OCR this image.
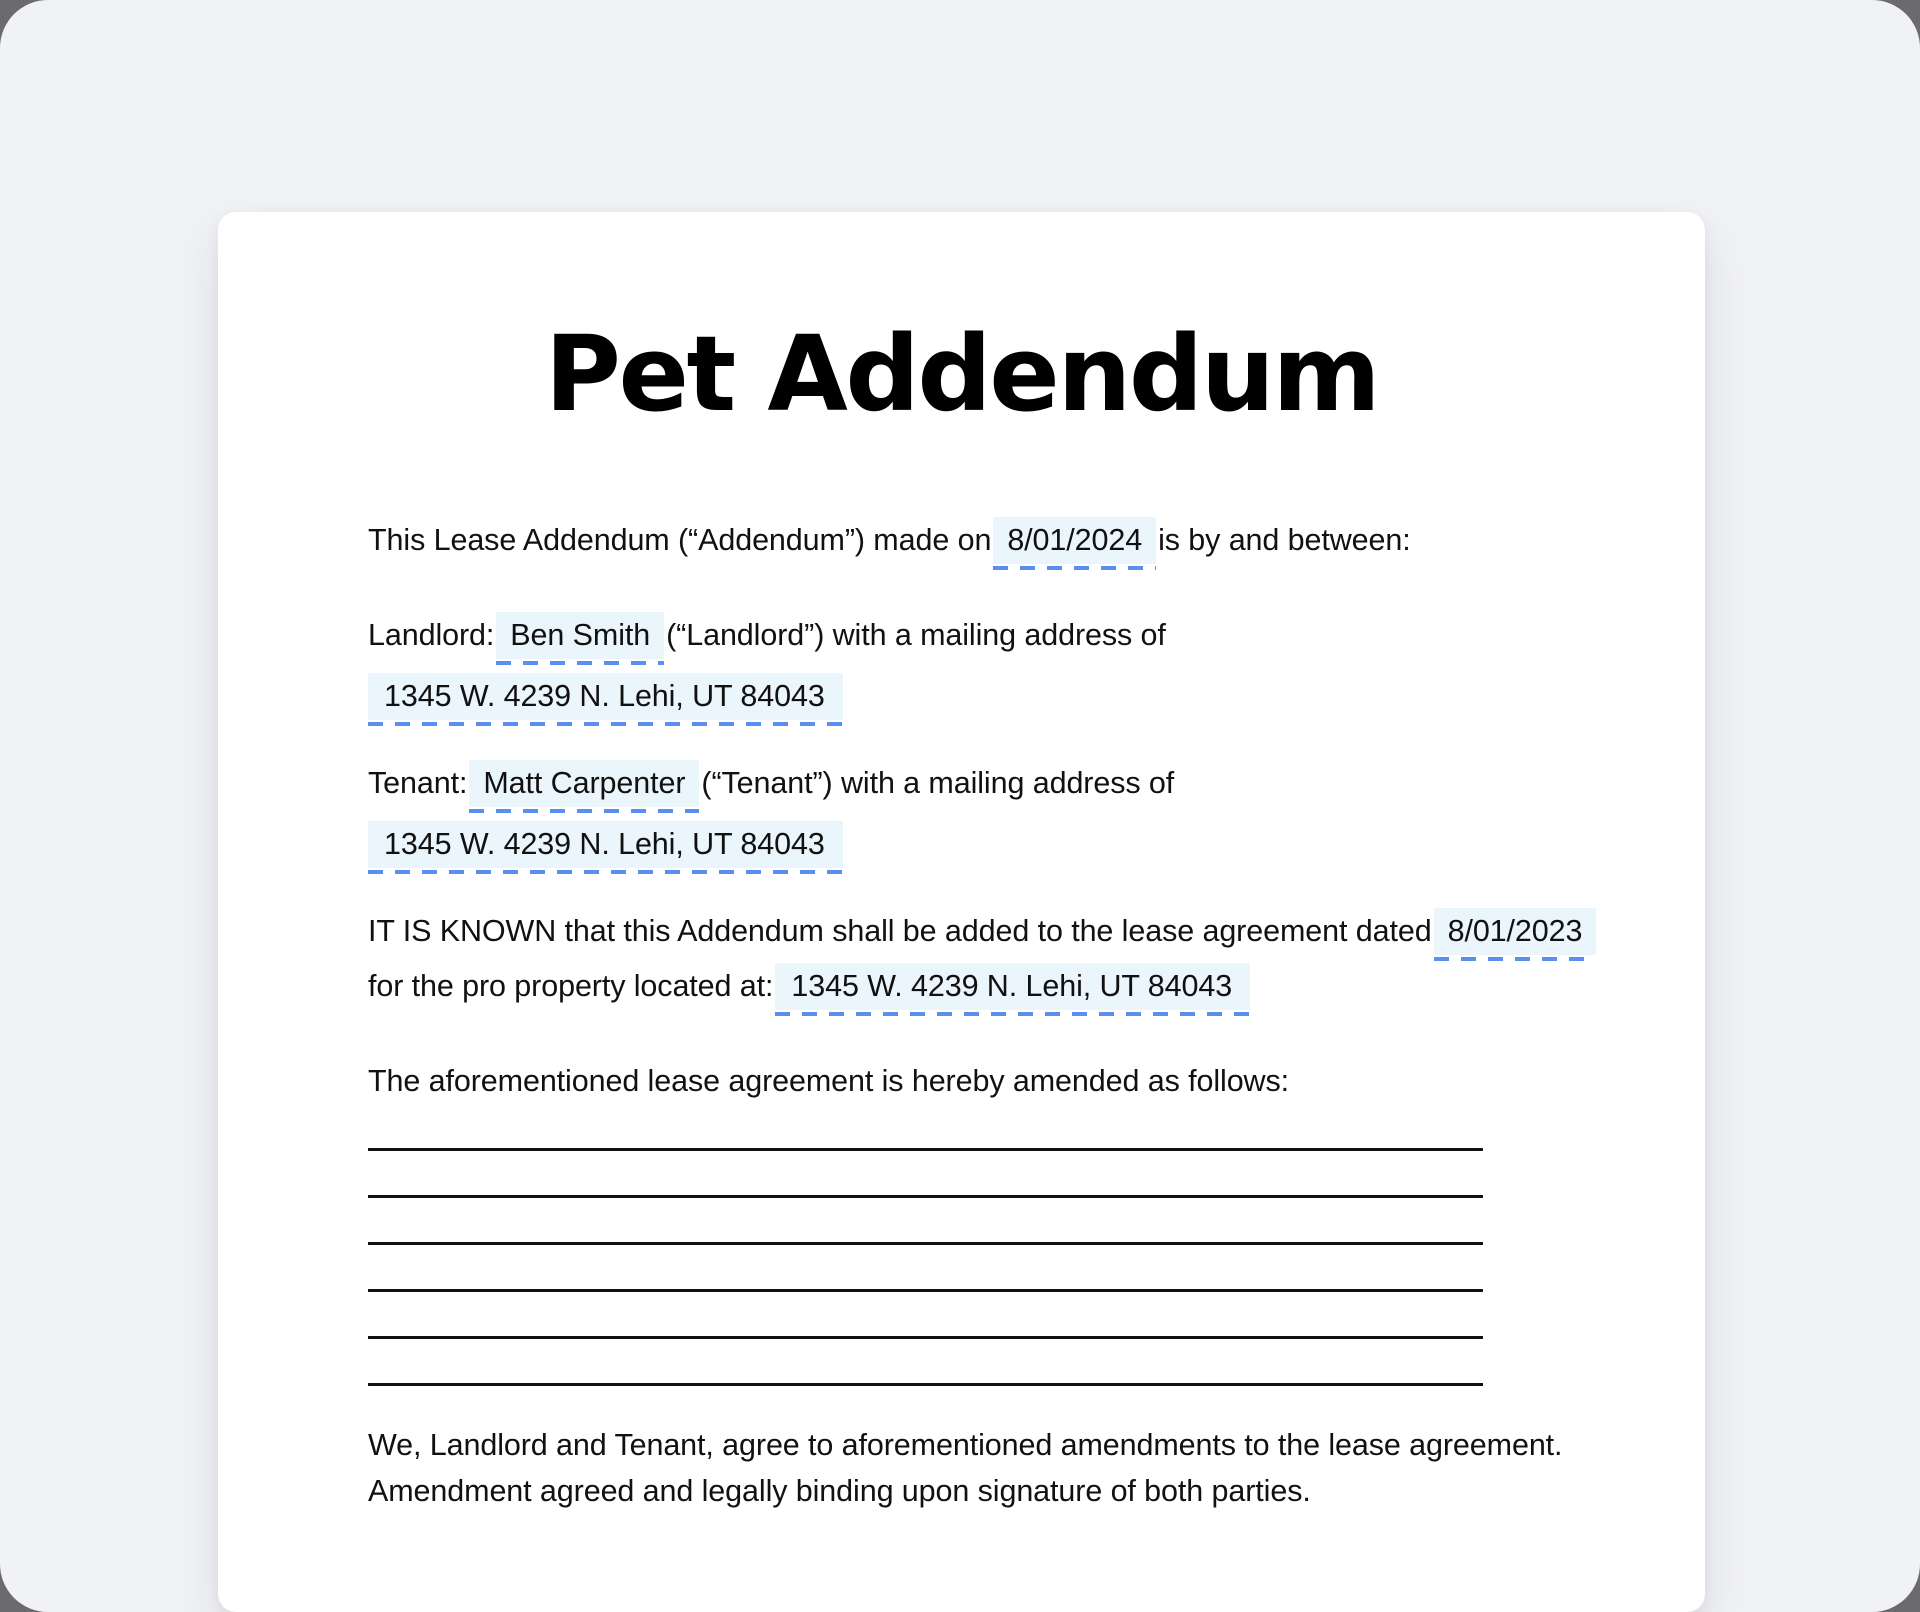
Pet Addendum
This Lease Addendum (“Addendum”) made on 8/01/2024 is by and between:
Landlord: Ben Smith (“Landlord”) with a mailing address of
1345 W. 4239 N. Lehi, UT 84043
Tenant: Matt Carpenter (“Tenant”) with a mailing address of
1345 W. 4239 N. Lehi, UT 84043
IT IS KNOWN that this Addendum shall be added to the lease agreement dated 8/01/2023
for the pro property located at: 1345 W. 4239 N. Lehi, UT 84043
The aforementioned lease agreement is hereby amended as follows:
We, Landlord and Tenant, agree to aforementioned amendments to the lease agreement.
Amendment agreed and legally binding upon signature of both parties.
